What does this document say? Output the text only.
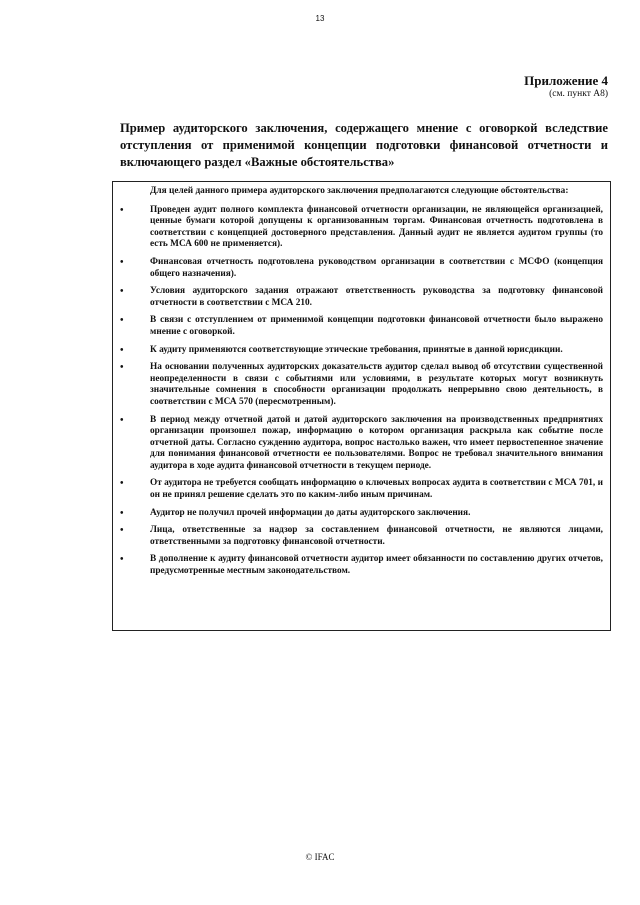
13
Приложение 4
(см. пункт А8)
Пример аудиторского заключения, содержащего мнение с оговоркой вследствие отступления от применимой концепции подготовки финансовой отчетности и включающего раздел «Важные обстоятельства»
Для целей данного примера аудиторского заключения предполагаются следующие обстоятельства:
•	Проведен аудит полного комплекта финансовой отчетности организации, не являющейся организацией, ценные бумаги которой допущены к организованным торгам. Финансовая отчетность подготовлена в соответствии с концепцией достоверного представления. Данный аудит не является аудитом группы (то есть МСА 600 не применяется).
•	Финансовая отчетность подготовлена руководством организации в соответствии с МСФО (концепция общего назначения).
•	Условия аудиторского задания отражают ответственность руководства за подготовку финансовой отчетности в соответствии с МСА 210.
•	В связи с отступлением от применимой концепции подготовки финансовой отчетности было выражено мнение с оговоркой.
•	К аудиту применяются соответствующие этические требования, принятые в данной юрисдикции.
•	На основании полученных аудиторских доказательств аудитор сделал вывод об отсутствии существенной неопределенности в связи с событиями или условиями, в результате которых могут возникнуть значительные сомнения в способности организации продолжать непрерывно свою деятельность, в соответствии с МСА 570 (пересмотренным).
•	В период между отчетной датой и датой аудиторского заключения на производственных предприятиях организации произошел пожар, информацию о котором организация раскрыла как событие после отчетной даты. Согласно суждению аудитора, вопрос настолько важен, что имеет первостепенное значение для понимания финансовой отчетности ее пользователями. Вопрос не требовал значительного внимания аудитора в ходе аудита финансовой отчетности в текущем периоде.
•	От аудитора не требуется сообщать информацию о ключевых вопросах аудита в соответствии с МСА 701, и он не принял решение сделать это по каким-либо иным причинам.
•	Аудитор не получил прочей информации до даты аудиторского заключения.
•	Лица, ответственные за надзор за составлением финансовой отчетности, не являются лицами, ответственными за подготовку финансовой отчетности.
•	В дополнение к аудиту финансовой отчетности аудитор имеет обязанности по составлению других отчетов, предусмотренные местным законодательством.
© IFAC
